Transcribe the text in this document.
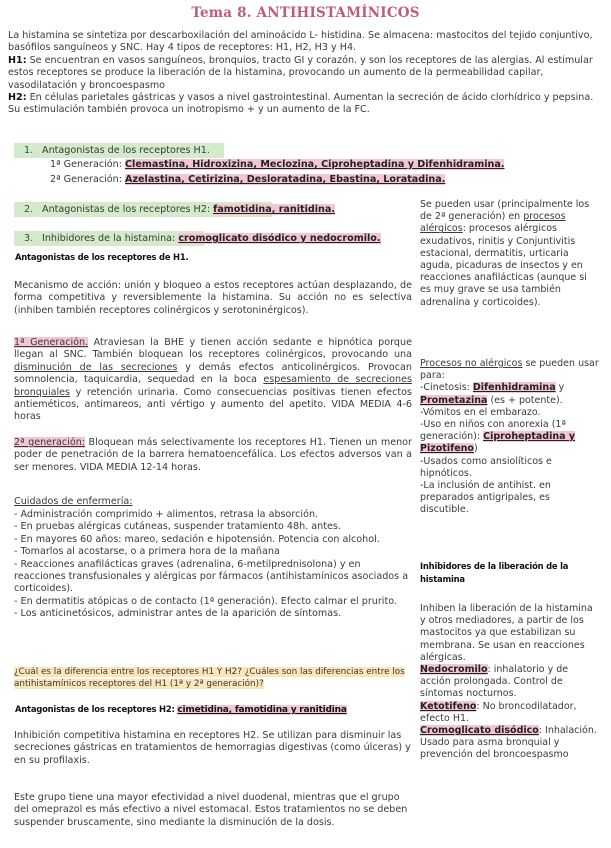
Tema 8. ANTIHISTAMÍNICOS

La histamina se sintetiza por descarboxilación del aminoácido L- histidina. Se almacena: mastocitos del tejido conjuntivo, basófilos sanguíneos y SNC. Hay 4 tipos de receptores: H1, H2, H3 y H4.
H1: Se encuentran en vasos sanguíneos, bronquios, tracto GI y corazón. y son los receptores de las alergias. Al estimular estos receptores se produce la liberación de la histamina, provocando un aumento de la permeabilidad capilar, vasodilatación y broncoespasmo
H2: En células parietales gástricas y vasos a nivel gastrointestinal. Aumentan la secreción de ácido clorhídrico y pepsina. Su estimulación también provoca un inotropismo + y un aumento de la FC.

1. Antagonistas de los receptores H1.

1ª Generación: Clemastina, Hidroxizina, Meclozina, Ciproheptadina y Difenhidramina.

2ª Generación: Azelastina, Cetirizina, Desloratadina, Ebastina, Loratadina.

2. Antagonistas de los receptores H2: famotidina, ranitidina.

3. Inhibidores de la histamina: cromoglicato disódico y nedocromilo.

Antagonistas de los receptores de H1.

Mecanismo de acción: unión y bloqueo a estos receptores actúan desplazando, de forma competitiva y reversiblemente la histamina. Su acción no es selectiva (inhiben también receptores colinérgicos y serotoninérgicos).

1ª Generación. Atraviesan la BHE y tienen acción sedante e hipnótica porque llegan al SNC. También bloquean los receptores colinérgicos, provocando una disminución de las secreciones y demás efectos anticolinérgicos. Provocan somnolencia, taquicardia, sequedad en la boca espesamiento de secreciones bronquiales y retención urinaria. Como consecuencias positivas tienen efectos antieméticos, antimareos, anti vértigo y aumento del apetito. VIDA MEDIA 4-6 horas

2ª generación: Bloquean más selectivamente los receptores H1. Tienen un menor poder de penetración de la barrera hematoencefálica. Los efectos adversos van a ser menores. VIDA MEDIA 12-14 horas.

Cuidados de enfermería:

- Administración comprimido + alimentos, retrasa la absorción.
- En pruebas alérgicas cutáneas, suspender tratamiento 48h. antes.
- En mayores 60 años: mareo, sedación e hipotensión. Potencia con alcohol.
- Tomarlos al acostarse, o a primera hora de la mañana
- Reacciones anafilácticas graves (adrenalina, 6-metilprednisolona) y en reacciones transfusionales y alérgicas por fármacos (antihistamínicos asociados a corticoides).
- En dermatitis atópicas o de contacto (1ª generación). Efecto calmar el prurito.
- Los anticinetósicos, administrar antes de la aparición de síntomas.

¿Cuál es la diferencia entre los receptores H1 Y H2? ¿Cuáles son las diferencias entre los antihistamínicos receptores del H1 (1ª y 2ª generación)?

Antagonistas de los receptores H2: cimetidina, famotidina y ranitidina

Inhibición competitiva histamina en receptores H2. Se utilizan para disminuir las secreciones gástricas en tratamientos de hemorragias digestivas (como úlceras) y en su profilaxis.

Este grupo tiene una mayor efectividad a nivel duodenal, mientras que el grupo del omeprazol es más efectivo a nivel estomacal. Estos tratamientos no se deben suspender bruscamente, sino mediante la disminución de la dosis.

Se pueden usar (principalmente los de 2ª generación) en procesos alérgicos: procesos alérgicos exudativos, rinitis y Conjuntivitis estacional, dermatitis, urticaria aguda, picaduras de insectos y en reacciones anafilácticas (aunque si es muy grave se usa también adrenalina y corticoides).
Procesos no alérgicos se pueden usar para:
-Cinetosis: Difenhidramina y
Prometazina (es + potente).
-Vómitos en el embarazo.
-Uso en niños con anorexia (1ª generación): Ciproheptadina y
Pizotifeno)
-Usados como ansiolíticos e hipnóticos.
-La inclusión de antihist. en preparados antigripales, es discutible.
Inhibidores de la liberación de la histamina
Inhiben la liberación de la histamina y otros mediadores, a partir de los mastocitos ya que estabilizan su membrana. Se usan en reacciones alérgicas.
Nedocromilo: inhalatorio y de acción prolongada. Control de síntomas nocturnos.
Ketotifeno: No broncodilatador, efecto H1.
Cromoglicato disódico: Inhalación. Usado para asma bronquial y prevención del broncoespasmo
